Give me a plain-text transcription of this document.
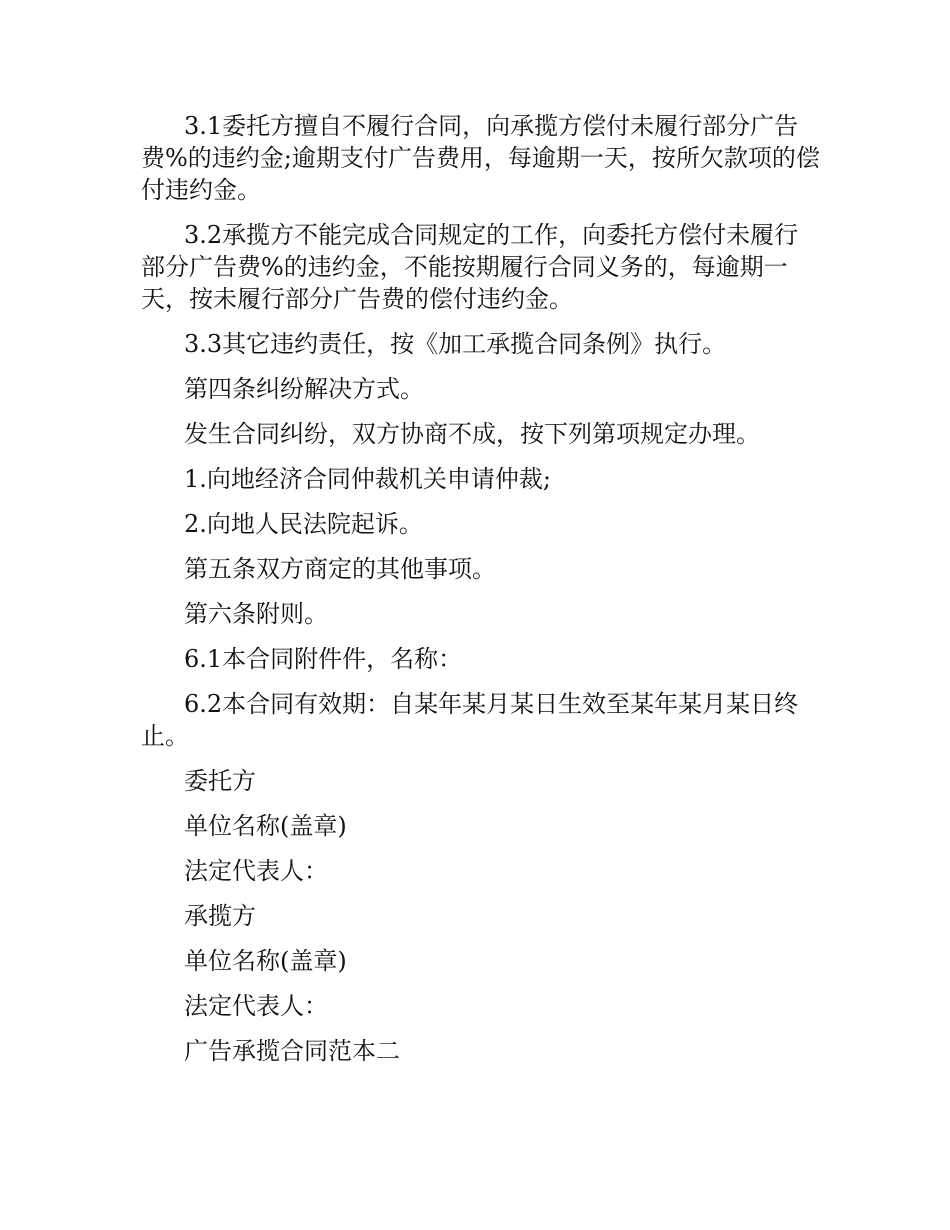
3.1委托方擅自不履行合同，向承揽方偿付未履行部分广告费%的违约金;逾期支付广告费用，每逾期一天，按所欠款项的偿付违约金。

3.2承揽方不能完成合同规定的工作，向委托方偿付未履行部分广告费%的违约金，不能按期履行合同义务的，每逾期一天，按未履行部分广告费的偿付违约金。

3.3其它违约责任，按《加工承揽合同条例》执行。

第四条纠纷解决方式。

发生合同纠纷，双方协商不成，按下列第项规定办理。

1.向地经济合同仲裁机关申请仲裁;

2.向地人民法院起诉。

第五条双方商定的其他事项。

第六条附则。

6.1本合同附件件，名称：

6.2本合同有效期：自某年某月某日生效至某年某月某日终止。

委托方

单位名称(盖章)

法定代表人：

承揽方

单位名称(盖章)

法定代表人：

广告承揽合同范本二
